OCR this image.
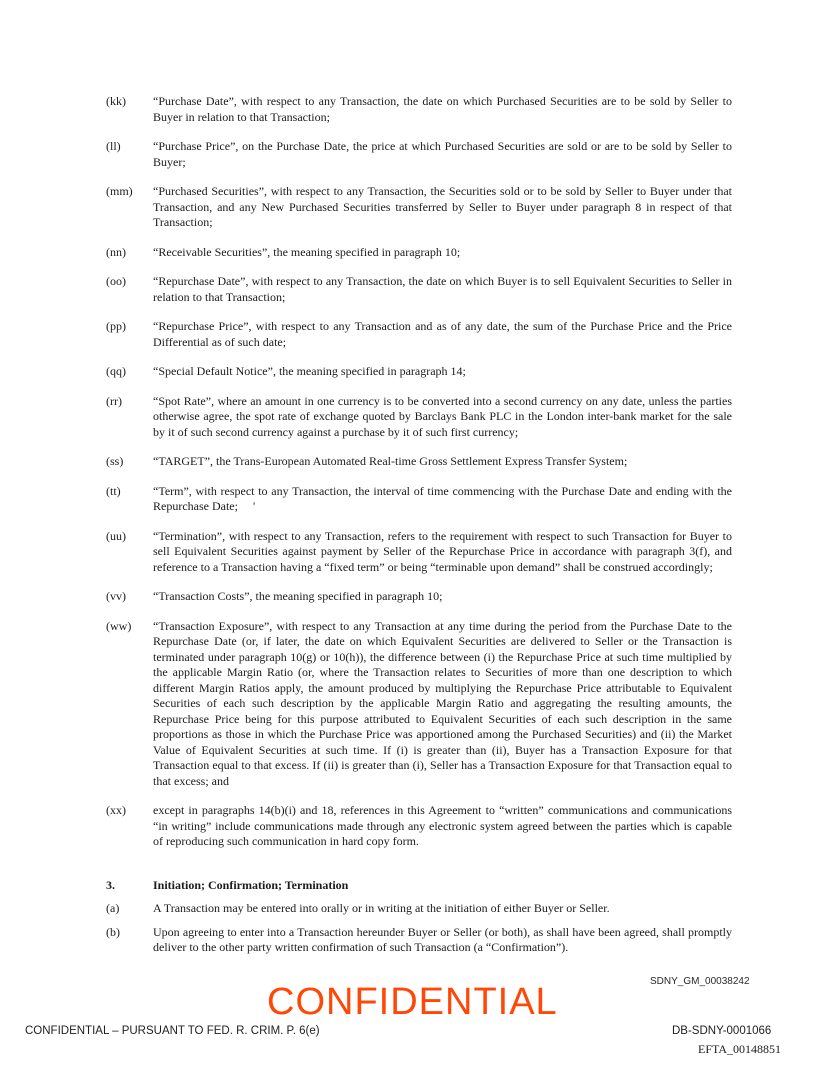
(kk)	“Purchase Date”, with respect to any Transaction, the date on which Purchased Securities are to be sold by Seller to Buyer in relation to that Transaction;
(ll)	“Purchase Price”, on the Purchase Date, the price at which Purchased Securities are sold or are to be sold by Seller to Buyer;
(mm)	“Purchased Securities”, with respect to any Transaction, the Securities sold or to be sold by Seller to Buyer under that Transaction, and any New Purchased Securities transferred by Seller to Buyer under paragraph 8 in respect of that Transaction;
(nn)	“Receivable Securities”, the meaning specified in paragraph 10;
(oo)	“Repurchase Date”, with respect to any Transaction, the date on which Buyer is to sell Equivalent Securities to Seller in relation to that Transaction;
(pp)	“Repurchase Price”, with respect to any Transaction and as of any date, the sum of the Purchase Price and the Price Differential as of such date;
(qq)	“Special Default Notice”, the meaning specified in paragraph 14;
(rr)	“Spot Rate”, where an amount in one currency is to be converted into a second currency on any date, unless the parties otherwise agree, the spot rate of exchange quoted by Barclays Bank PLC in the London inter-bank market for the sale by it of such second currency against a purchase by it of such first currency;
(ss)	“TARGET”, the Trans-European Automated Real-time Gross Settlement Express Transfer System;
(tt)	“Term”, with respect to any Transaction, the interval of time commencing with the Purchase Date and ending with the Repurchase Date;     '
(uu)	“Termination”, with respect to any Transaction, refers to the requirement with respect to such Transaction for Buyer to sell Equivalent Securities against payment by Seller of the Repurchase Price in accordance with paragraph 3(f), and reference to a Transaction having a “fixed term” or being “terminable upon demand” shall be construed accordingly;
(vv)	“Transaction Costs”, the meaning specified in paragraph 10;
(ww)	“Transaction Exposure”, with respect to any Transaction at any time during the period from the Purchase Date to the Repurchase Date (or, if later, the date on which Equivalent Securities are delivered to Seller or the Transaction is terminated under paragraph 10(g) or 10(h)), the difference between (i) the Repurchase Price at such time multiplied by the applicable Margin Ratio (or, where the Transaction relates to Securities of more than one description to which different Margin Ratios apply, the amount produced by multiplying the Repurchase Price attributable to Equivalent Securities of each such description by the applicable Margin Ratio and aggregating the resulting amounts, the Repurchase Price being for this purpose attributed to Equivalent Securities of each such description in the same proportions as those in which the Purchase Price was apportioned among the Purchased Securities) and (ii) the Market Value of Equivalent Securities at such time. If (i) is greater than (ii), Buyer has a Transaction Exposure for that Transaction equal to that excess. If (ii) is greater than (i), Seller has a Transaction Exposure for that Transaction equal to that excess; and
(xx)	except in paragraphs 14(b)(i) and 18, references in this Agreement to “written” communications and communications “in writing” include communications made through any electronic system agreed between the parties which is capable of reproducing such communication in hard copy form.
3.	Initiation; Confirmation; Termination
(a)	A Transaction may be entered into orally or in writing at the initiation of either Buyer or Seller.
(b)	Upon agreeing to enter into a Transaction hereunder Buyer or Seller (or both), as shall have been agreed, shall promptly deliver to the other party written confirmation of such Transaction (a “Confirmation”).
SDNY_GM_00038242
CONFIDENTIAL
CONFIDENTIAL – PURSUANT TO FED. R. CRIM. P. 6(e)	DB-SDNY-0001066
EFTA_00148851
